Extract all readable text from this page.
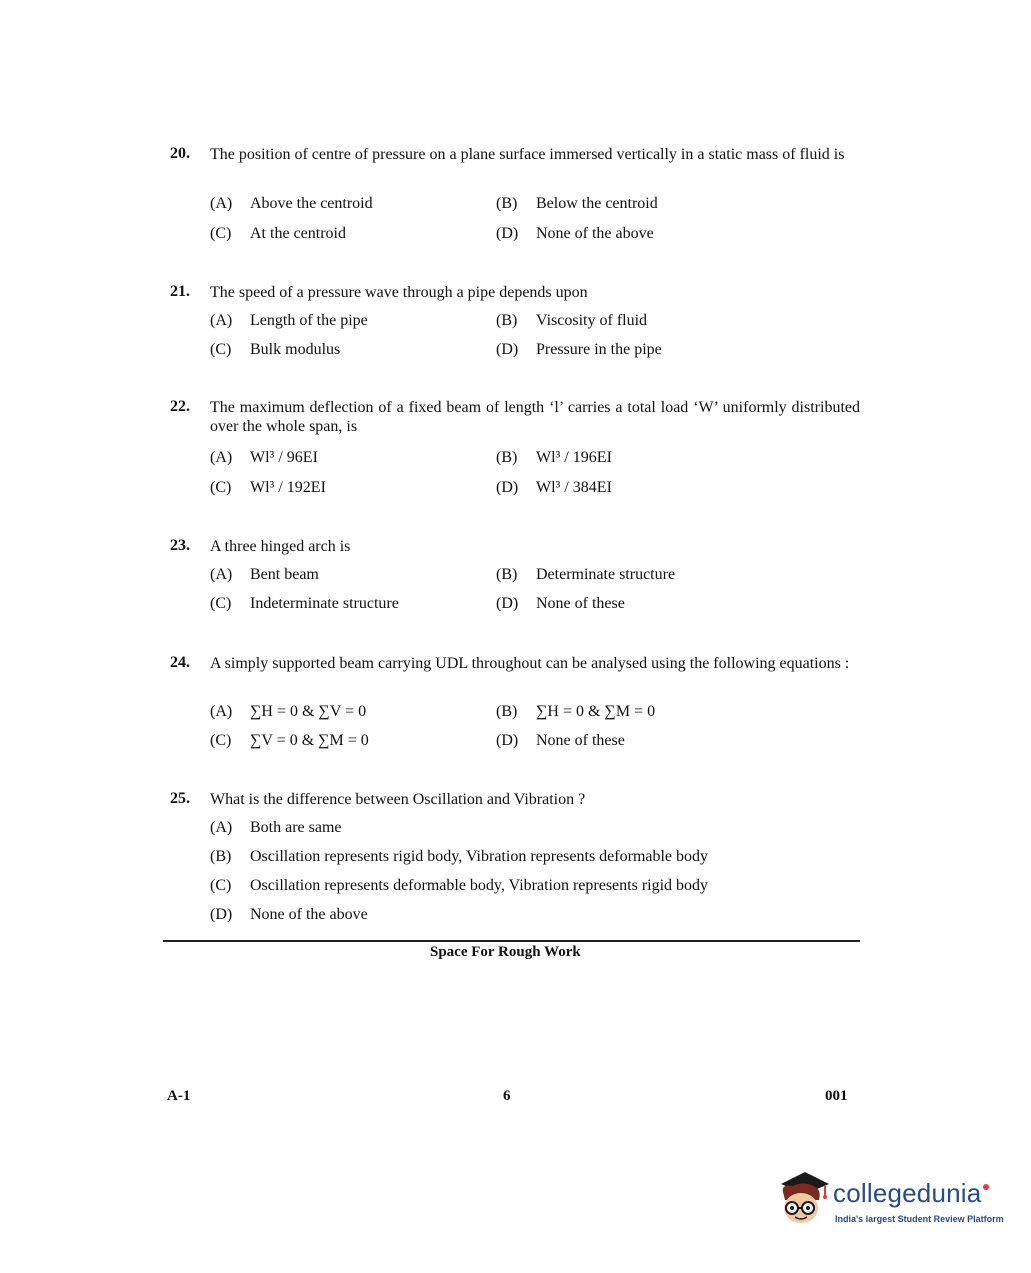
20. The position of centre of pressure on a plane surface immersed vertically in a static mass of fluid is
(A) Above the centroid	(B) Below the centroid
(C) At the centroid	(D) None of the above
21. The speed of a pressure wave through a pipe depends upon
(A) Length of the pipe	(B) Viscosity of fluid
(C) Bulk modulus	(D) Pressure in the pipe
22. The maximum deflection of a fixed beam of length ‘l’ carries a total load ‘W’ uniformly distributed over the whole span, is
(A) Wl³ / 96EI	(B) Wl³ / 196EI
(C) Wl³ / 192EI	(D) Wl³ / 384EI
23. A three hinged arch is
(A) Bent beam	(B) Determinate structure
(C) Indeterminate structure	(D) None of these
24. A simply supported beam carrying UDL throughout can be analysed using the following equations :
(A) ∑H = 0 & ∑V = 0	(B) ∑H = 0 & ∑M = 0
(C) ∑V = 0 & ∑M = 0	(D) None of these
25. What is the difference between Oscillation and Vibration ?
(A) Both are same
(B) Oscillation represents rigid body, Vibration represents deformable body
(C) Oscillation represents deformable body, Vibration represents rigid body
(D) None of the above
Space For Rough Work
A-1	6	001
collegedunia
India's largest Student Review Platform
